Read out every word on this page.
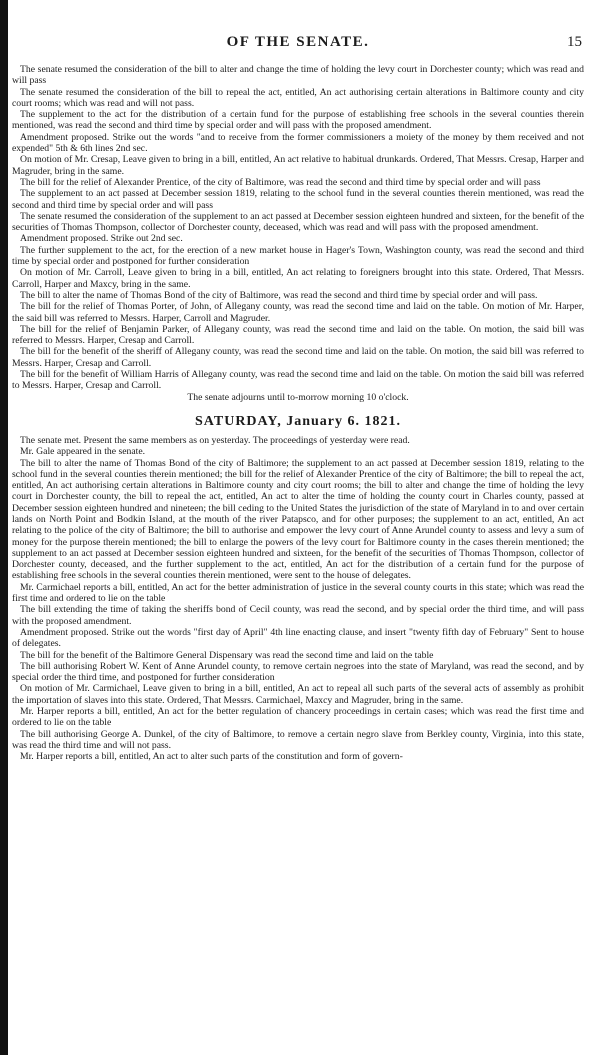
OF THE SENATE.	15

The senate resumed the consideration of the bill to alter and change the time of holding the levy court in Dorchester county; which was read and will pass

The senate resumed the consideration of the bill to repeal the act, entitled, An act authorising certain alterations in Baltimore county and city court rooms; which was read and will not pass.

The supplement to the act for the distribution of a certain fund for the purpose of establishing free schools in the several counties therein mentioned, was read the second and third time by special order and will pass with the proposed amendment.

Amendment proposed. Strike out the words "and to receive from the former commissioners a moiety of the money by them received and not expended" 5th & 6th lines 2nd sec.

On motion of Mr. Cresap, Leave given to bring in a bill, entitled, An act relative to habitual drunkards. Ordered, That Messrs. Cresap, Harper and Magruder, bring in the same.

The bill for the relief of Alexander Prentice, of the city of Baltimore, was read the second and third time by special order and will pass

The supplement to an act passed at December session 1819, relating to the school fund in the several counties therein mentioned, was read the second and third time by special order and will pass

The senate resumed the consideration of the supplement to an act passed at December session eighteen hundred and sixteen, for the benefit of the securities of Thomas Thompson, collector of Dorchester county, deceased, which was read and will pass with the proposed amendment.

Amendment proposed. Strike out 2nd sec.

The further supplement to the act, for the erection of a new market house in Hager's Town, Washington county, was read the second and third time by special order and postponed for further consideration

On motion of Mr. Carroll, Leave given to bring in a bill, entitled, An act relating to foreigners brought into this state. Ordered, That Messrs. Carroll, Harper and Maxcy, bring in the same.

The bill to alter the name of Thomas Bond of the city of Baltimore, was read the second and third time by special order and will pass.

The bill for the relief of Thomas Porter, of John, of Allegany county, was read the second time and laid on the table. On motion of Mr. Harper, the said bill was referred to Messrs. Harper, Carroll and Magruder.

The bill for the relief of Benjamin Parker, of Allegany county, was read the second time and laid on the table. On motion, the said bill was referred to Messrs. Harper, Cresap and Carroll.

The bill for the benefit of the sheriff of Allegany county, was read the second time and laid on the table. On motion, the said bill was referred to Messrs. Harper, Cresap and Carroll.

The bill for the benefit of William Harris of Allegany county, was read the second time and laid on the table. On motion the said bill was referred to Messrs. Harper, Cresap and Carroll.

The senate adjourns until to-morrow morning 10 o'clock.

SATURDAY, January 6. 1821.

The senate met. Present the same members as on yesterday. The proceedings of yesterday were read.

Mr. Gale appeared in the senate.

The bill to alter the name of Thomas Bond of the city of Baltimore; the supplement to an act passed at December session 1819, relating to the school fund in the several counties therein mentioned; the bill for the relief of Alexander Prentice of the city of Baltimore; the bill to repeal the act, entitled, An act authorising certain alterations in Baltimore county and city court rooms; the bill to alter and change the time of holding the levy court in Dorchester county, the bill to repeal the act, entitled, An act to alter the time of holding the county court in Charles county, passed at December session eighteen hundred and nineteen; the bill ceding to the United States the jurisdiction of the state of Maryland in to and over certain lands on North Point and Bodkin Island, at the mouth of the river Patapsco, and for other purposes; the supplement to an act, entitled, An act relating to the police of the city of Baltimore; the bill to authorise and empower the levy court of Anne Arundel county to assess and levy a sum of money for the purpose therein mentioned; the bill to enlarge the powers of the levy court for Baltimore county in the cases therein mentioned; the supplement to an act passed at December session eighteen hundred and sixteen, for the benefit of the securities of Thomas Thompson, collector of Dorchester county, deceased, and the further supplement to the act, entitled, An act for the distribution of a certain fund for the purpose of establishing free schools in the several counties therein mentioned, were sent to the house of delegates.

Mr. Carmichael reports a bill, entitled, An act for the better administration of justice in the several county courts in this state; which was read the first time and ordered to lie on the table

The bill extending the time of taking the sheriffs bond of Cecil county, was read the second, and by special order the third time, and will pass with the proposed amendment.

Amendment proposed. Strike out the words "first day of April" 4th line enacting clause, and insert "twenty fifth day of February" Sent to house of delegates.

The bill for the benefit of the Baltimore General Dispensary was read the second time and laid on the table

The bill authorising Robert W. Kent of Anne Arundel county, to remove certain negroes into the state of Maryland, was read the second, and by special order the third time, and postponed for further consideration

On motion of Mr. Carmichael, Leave given to bring in a bill, entitled, An act to repeal all such parts of the several acts of assembly as prohibit the importation of slaves into this state. Ordered, That Messrs. Carmichael, Maxcy and Magruder, bring in the same.

Mr. Harper reports a bill, entitled, An act for the better regulation of chancery proceedings in certain cases; which was read the first time and ordered to lie on the table

The bill authorising George A. Dunkel, of the city of Baltimore, to remove a certain negro slave from Berkley county, Virginia, into this state, was read the third time and will not pass.

Mr. Harper reports a bill, entitled, An act to alter such parts of the constitution and form of govern-
